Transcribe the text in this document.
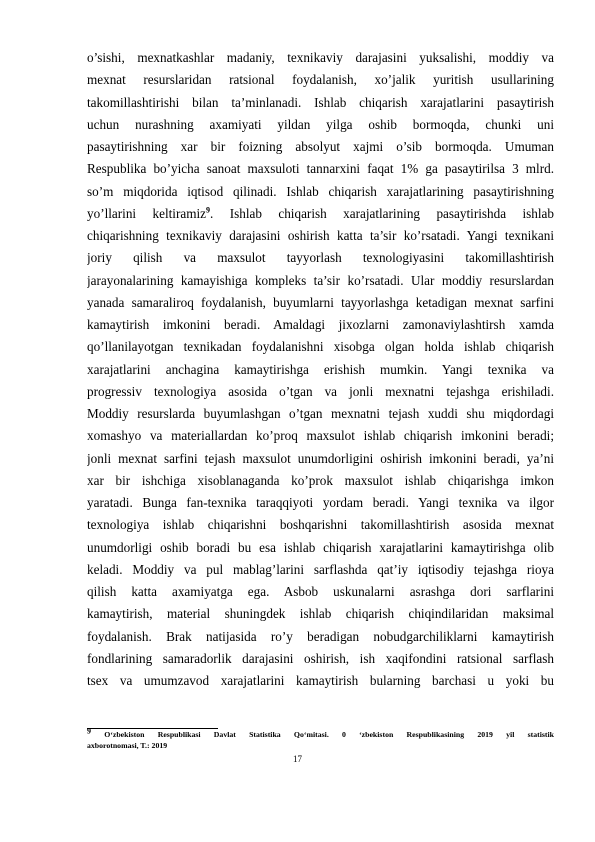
o’sishi, mexnatkashlar madaniy, texnikaviy darajasini yuksalishi, moddiy va
mexnat resurslaridan ratsional foydalanish, xo’jalik yuritish usullarining
takomillashtirishi bilan ta’minlanadi. Ishlab chiqarish xarajatlarini pasaytirish
uchun nurashning axamiyati yildan yilga oshib bormoqda, chunki uni
pasaytirishning xar bir foizning absolyut xajmi o’sib bormoqda. Umuman
Respublika bo’yicha sanoat maxsuloti tannarxini faqat 1% ga pasaytirilsa 3 mlrd.
so’m miqdorida iqtisod qilinadi. Ishlab chiqarish xarajatlarining pasaytirishning
yo’llarini keltiramiz$^9$. Ishlab chiqarish xarajatlarining pasaytirishda ishlab
chiqarishning texnikaviy darajasini oshirish katta ta’sir ko’rsatadi. Yangi texnikani
joriy qilish va maxsulot tayyorlash texnologiyasini takomillashtirish
jarayonalarining kamayishiga kompleks ta’sir ko’rsatadi. Ular moddiy resurslardan
yanada samaraliroq foydalanish, buyumlarni tayyorlashga ketadigan mexnat sarfini
kamaytirish imkonini beradi. Amaldagi jixozlarni zamonaviylashtirsh xamda
qo’llanilayotgan texnikadan foydalanishni xisobga olgan holda ishlab chiqarish
xarajatlarini anchagina kamaytirishga erishish mumkin. Yangi texnika va
progressiv texnologiya asosida o’tgan va jonli mexnatni tejashga erishiladi.
Moddiy resurslarda buyumlashgan o’tgan mexnatni tejash xuddi shu miqdordagi
xomashyo va materiallardan ko’proq maxsulot ishlab chiqarish imkonini beradi;
jonli mexnat sarfini tejash maxsulot unumdorligini oshirish imkonini beradi, ya’ni
xar bir ishchiga xisoblanaganda ko’prok maxsulot ishlab chiqarishga imkon
yaratadi. Bunga fan-texnika taraqqiyoti yordam beradi. Yangi texnika va ilgor
texnologiya ishlab chiqarishni boshqarishni takomillashtirish asosida mexnat
unumdorligi oshib boradi bu esa ishlab chiqarish xarajatlarini kamaytirishga olib
keladi. Moddiy va pul mablag’larini sarflashda qat’iy iqtisodiy tejashga rioya
qilish katta axamiyatga ega. Asbob uskunalarni asrashga dori sarflarini
kamaytirish, material shuningdek ishlab chiqarish chiqindilaridan maksimal
foydalanish. Brak natijasida ro’y beradigan nobudgarchiliklarni kamaytirish
fondlarining samaradorlik darajasini oshirish, ish xaqifondini ratsional sarflash
tsex va umumzavod xarajatlarini kamaytirish bularning barchasi u yoki bu
$^9$ O‘zbekiston Respublikasi Davlat Statistika Qo‘mitasi. 0 ‘zbekiston Respublikasining 2019 yil statistik
axborotnomasi, T.: 2019
17
